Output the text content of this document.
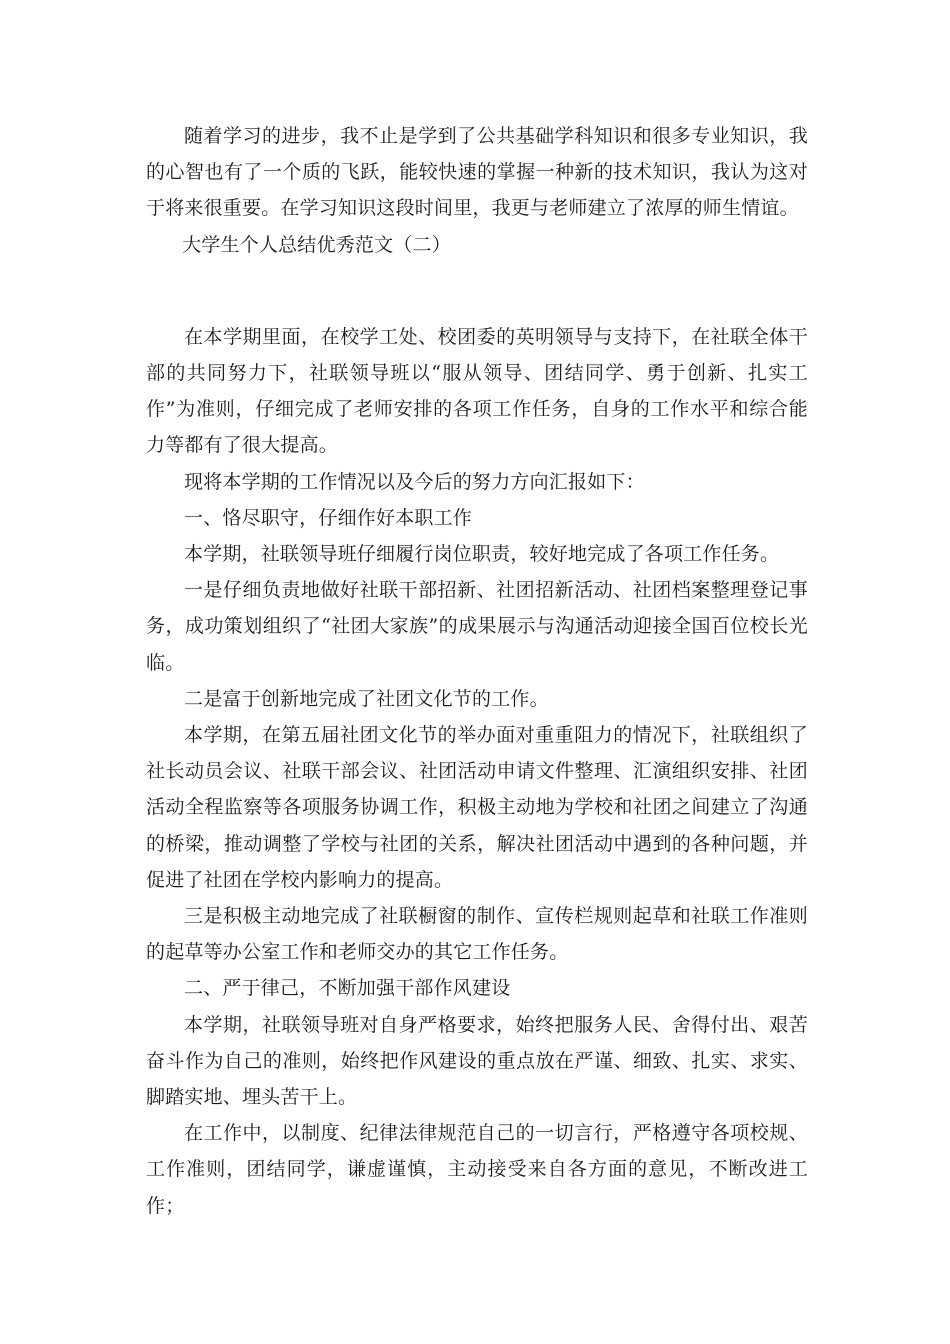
随着学习的进步，我不止是学到了公共基础学科知识和很多专业知识，我的心智也有了一个质的飞跃，能较快速的掌握一种新的技术知识，我认为这对于将来很重要。在学习知识这段时间里，我更与老师建立了浓厚的师生情谊。

大学生个人总结优秀范文（二）

在本学期里面，在校学工处、校团委的英明领导与支持下，在社联全体干部的共同努力下，社联领导班以“服从领导、团结同学、勇于创新、扎实工作”为准则，仔细完成了老师安排的各项工作任务，自身的工作水平和综合能力等都有了很大提高。

现将本学期的工作情况以及今后的努力方向汇报如下：

一、恪尽职守，仔细作好本职工作

本学期，社联领导班仔细履行岗位职责，较好地完成了各项工作任务。

一是仔细负责地做好社联干部招新、社团招新活动、社团档案整理登记事务，成功策划组织了“社团大家族”的成果展示与沟通活动迎接全国百位校长光临。

二是富于创新地完成了社团文化节的工作。

本学期，在第五届社团文化节的举办面对重重阻力的情况下，社联组织了社长动员会议、社联干部会议、社团活动申请文件整理、汇演组织安排、社团活动全程监察等各项服务协调工作，积极主动地为学校和社团之间建立了沟通的桥梁，推动调整了学校与社团的关系，解决社团活动中遇到的各种问题，并促进了社团在学校内影响力的提高。

三是积极主动地完成了社联橱窗的制作、宣传栏规则起草和社联工作准则的起草等办公室工作和老师交办的其它工作任务。

二、严于律己，不断加强干部作风建设

本学期，社联领导班对自身严格要求，始终把服务人民、舍得付出、艰苦奋斗作为自己的准则，始终把作风建设的重点放在严谨、细致、扎实、求实、脚踏实地、埋头苦干上。

在工作中，以制度、纪律法律规范自己的一切言行，严格遵守各项校规、工作准则，团结同学，谦虚谨慎，主动接受来自各方面的意见，不断改进工作；
